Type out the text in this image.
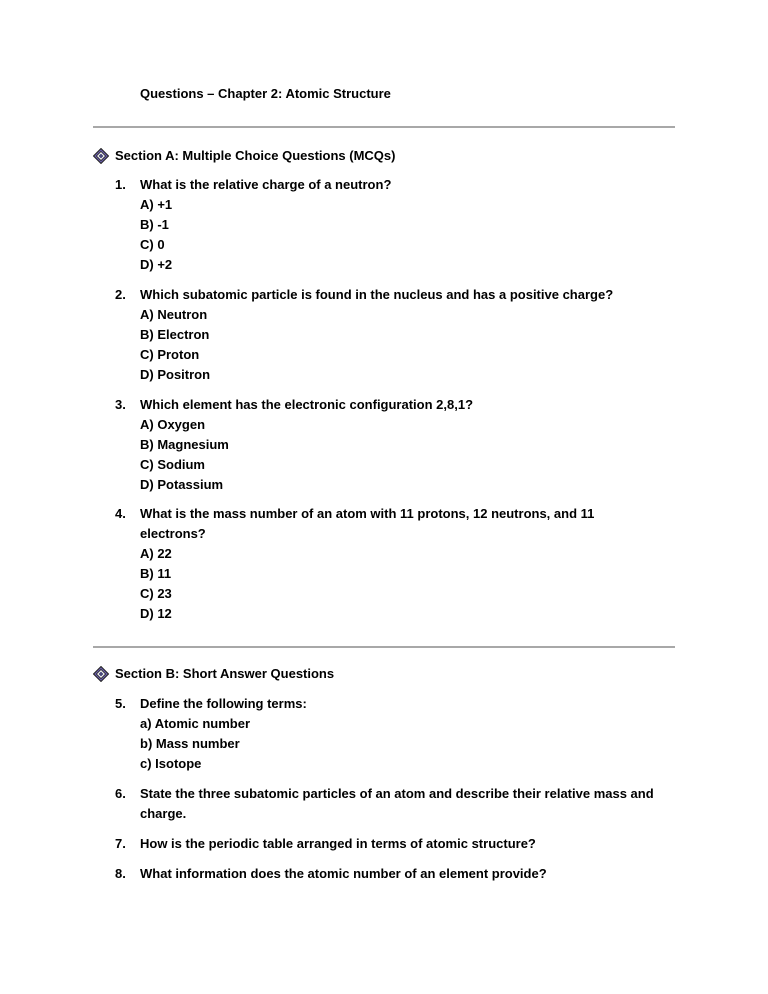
Questions – Chapter 2: Atomic Structure
Section A: Multiple Choice Questions (MCQs)
1.	What is the relative charge of a neutron?
A) +1
B) -1
C) 0
D) +2
2.	Which subatomic particle is found in the nucleus and has a positive charge?
A) Neutron
B) Electron
C) Proton
D) Positron
3.	Which element has the electronic configuration 2,8,1?
A) Oxygen
B) Magnesium
C) Sodium
D) Potassium
4.	What is the mass number of an atom with 11 protons, 12 neutrons, and 11 electrons?
A) 22
B) 11
C) 23
D) 12
Section B: Short Answer Questions
5.	Define the following terms:
a) Atomic number
b) Mass number
c) Isotope
6.	State the three subatomic particles of an atom and describe their relative mass and charge.
7.	How is the periodic table arranged in terms of atomic structure?
8.	What information does the atomic number of an element provide?
